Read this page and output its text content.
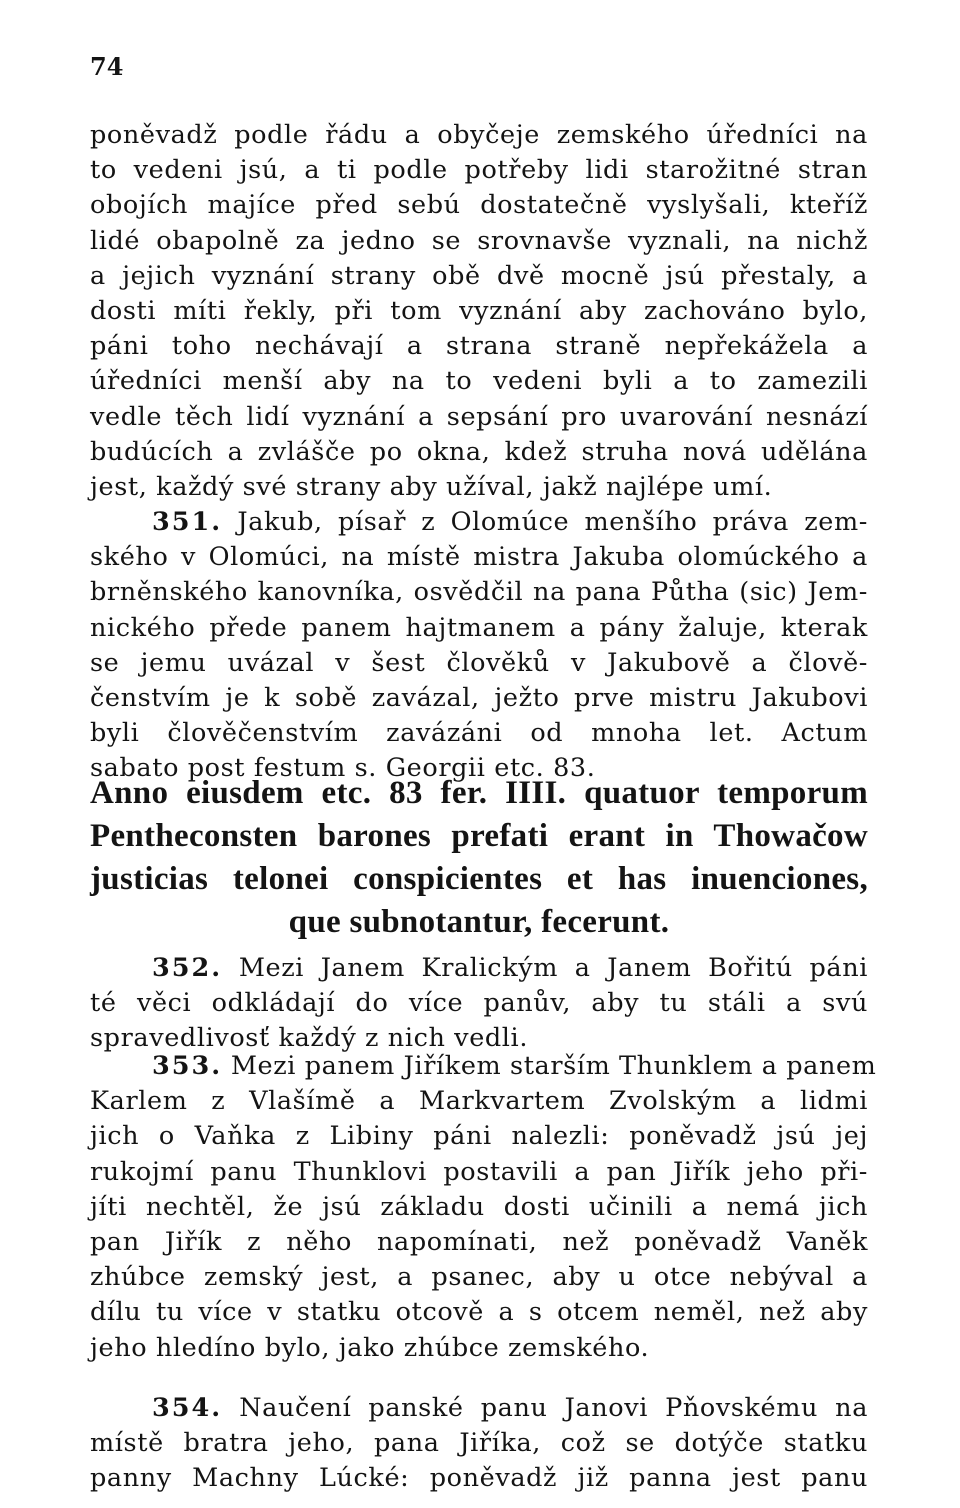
74
poněvadž podle řádu a obyčeje zemského úředníci na
to vedeni jsú, a ti podle potřeby lidi starožitné stran
obojích majíce před sebú dostatečně vyslyšali, kteříž
lidé obapolně za jedno se srovnavše vyznali, na nichž
a jejich vyznání strany obě dvě mocně jsú přestaly, a
dosti míti řekly, při tom vyznání aby zachováno bylo,
páni toho nechávají a strana straně nepřekážela a
úředníci menší aby na to vedeni byli a to zamezili
vedle těch lidí vyznání a sepsání pro uvarování nesnází
budúcích a zvláščе po okna, kdež struha nová udělána
jest, každý své strany aby užíval, jakž najlépe umí.
351. Jakub, písař z Olomúce menšího práva zem-
ského v Olomúci, na místě mistra Jakuba olomúckého a
brněnského kanovníka, osvědčil na pana Půtha (sic) Jem-
nického přede panem hajtmanem a pány žaluje, kterak
se jemu uvázal v šest člověků v Jakubově a člově-
čenstvím je k sobě zavázal, ježto prve mistru Jakubovi
byli člověčenstvím zavázáni od mnoha let. Actum
sabato post festum s. Georgii etc. 83.
Anno eiusdem etc. 83 fer. IIII. quatuor temporum
Pentheconsten barones prefati erant in Thowačow
justicias telonei conspicientes et has inuenciones,
que subnotantur, fecerunt.
352. Mezi Janem Kralickým a Janem Bořitú páni
té věci odkládají do více panův, aby tu stáli a svú
spravedlivosť každý z nich vedli.
353. Mezi panem Jiříkem starším Thunklem a panem
Karlem z Vlašímě a Markvartem Zvolským a lidmi
jich o Vaňka z Libiny páni nalezli: poněvadž jsú jej
rukojmí panu Thunklovi postavili a pan Jiřík jeho při-
jíti nechtěl, že jsú základu dosti učinili a nemá jich
pan Jiřík z něho napomínati, než poněvadž Vaněk
zhúbce zemský jest, a psanec, aby u otce nebýval a
dílu tu více v statku otcově a s otcem neměl, než aby
jeho hledíno bylo, jako zhúbce zemského.
354. Naučení panské panu Janovi Pňovskému na
místě bratra jeho, pana Jiříka, což se dotýče statku
panny Machny Lúcké: poněvadž již panna jest panu
